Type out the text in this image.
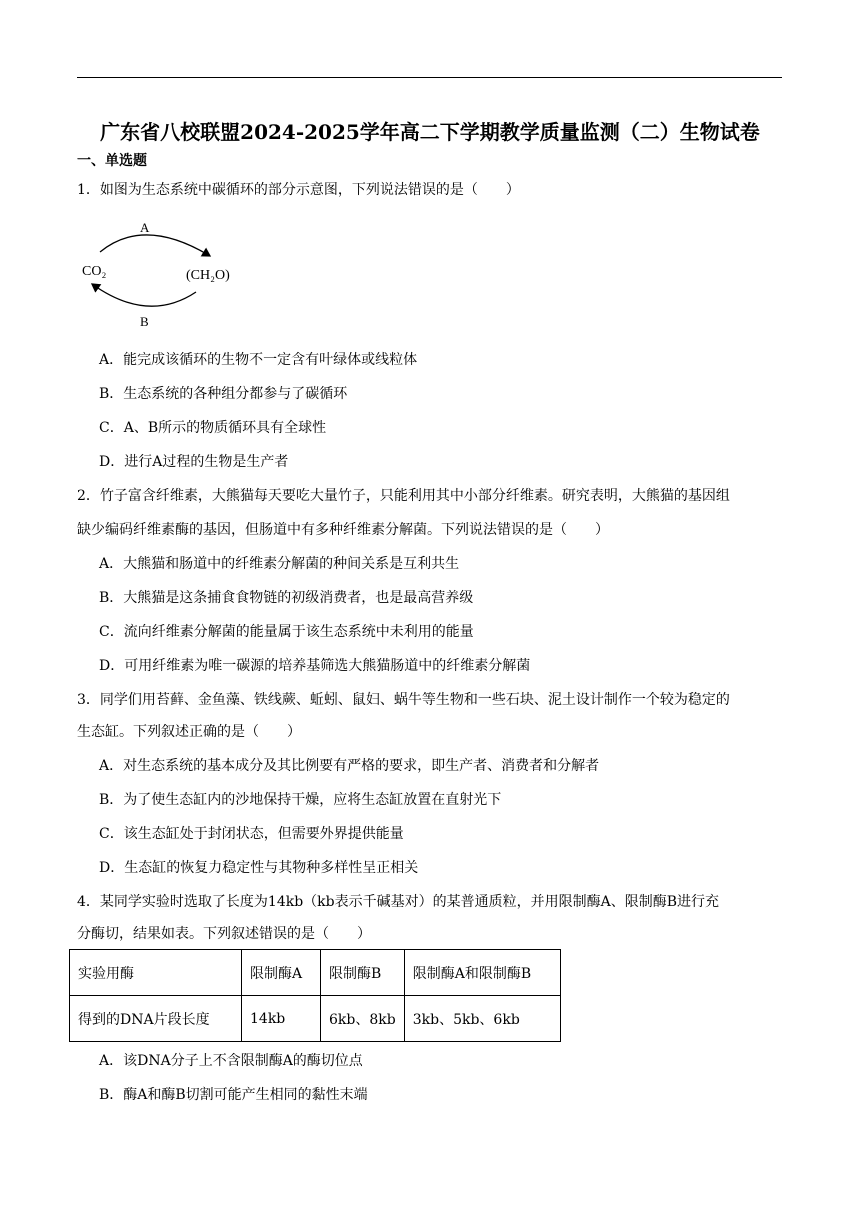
广东省八校联盟2024-2025学年高二下学期教学质量监测（二）生物试卷
一、单选题
1．如图为生态系统中碳循环的部分示意图，下列说法错误的是（　　）
A
CO₂	(CH₂O)
B
A．能完成该循环的生物不一定含有叶绿体或线粒体
B．生态系统的各种组分都参与了碳循环
C．A、B所示的物质循环具有全球性
D．进行A过程的生物是生产者
2．竹子富含纤维素，大熊猫每天要吃大量竹子，只能利用其中小部分纤维素。研究表明，大熊猫的基因组
缺少编码纤维素酶的基因，但肠道中有多种纤维素分解菌。下列说法错误的是（　　）
A．大熊猫和肠道中的纤维素分解菌的种间关系是互利共生
B．大熊猫是这条捕食食物链的初级消费者，也是最高营养级
C．流向纤维素分解菌的能量属于该生态系统中未利用的能量
D．可用纤维素为唯一碳源的培养基筛选大熊猫肠道中的纤维素分解菌
3．同学们用苔藓、金鱼藻、铁线蕨、蚯蚓、鼠妇、蜗牛等生物和一些石块、泥土设计制作一个较为稳定的
生态缸。下列叙述正确的是（　　）
A．对生态系统的基本成分及其比例要有严格的要求，即生产者、消费者和分解者
B．为了使生态缸内的沙地保持干燥，应将生态缸放置在直射光下
C．该生态缸处于封闭状态，但需要外界提供能量
D．生态缸的恢复力稳定性与其物种多样性呈正相关
4．某同学实验时选取了长度为14kb（kb表示千碱基对）的某普通质粒，并用限制酶A、限制酶B进行充
分酶切，结果如表。下列叙述错误的是（　　）
实验用酶	限制酶A	限制酶B	限制酶A和限制酶B
得到的DNA片段长度	14kb	6kb、8kb	3kb、5kb、6kb
A．该DNA分子上不含限制酶A的酶切位点
B．酶A和酶B切割可能产生相同的黏性末端
